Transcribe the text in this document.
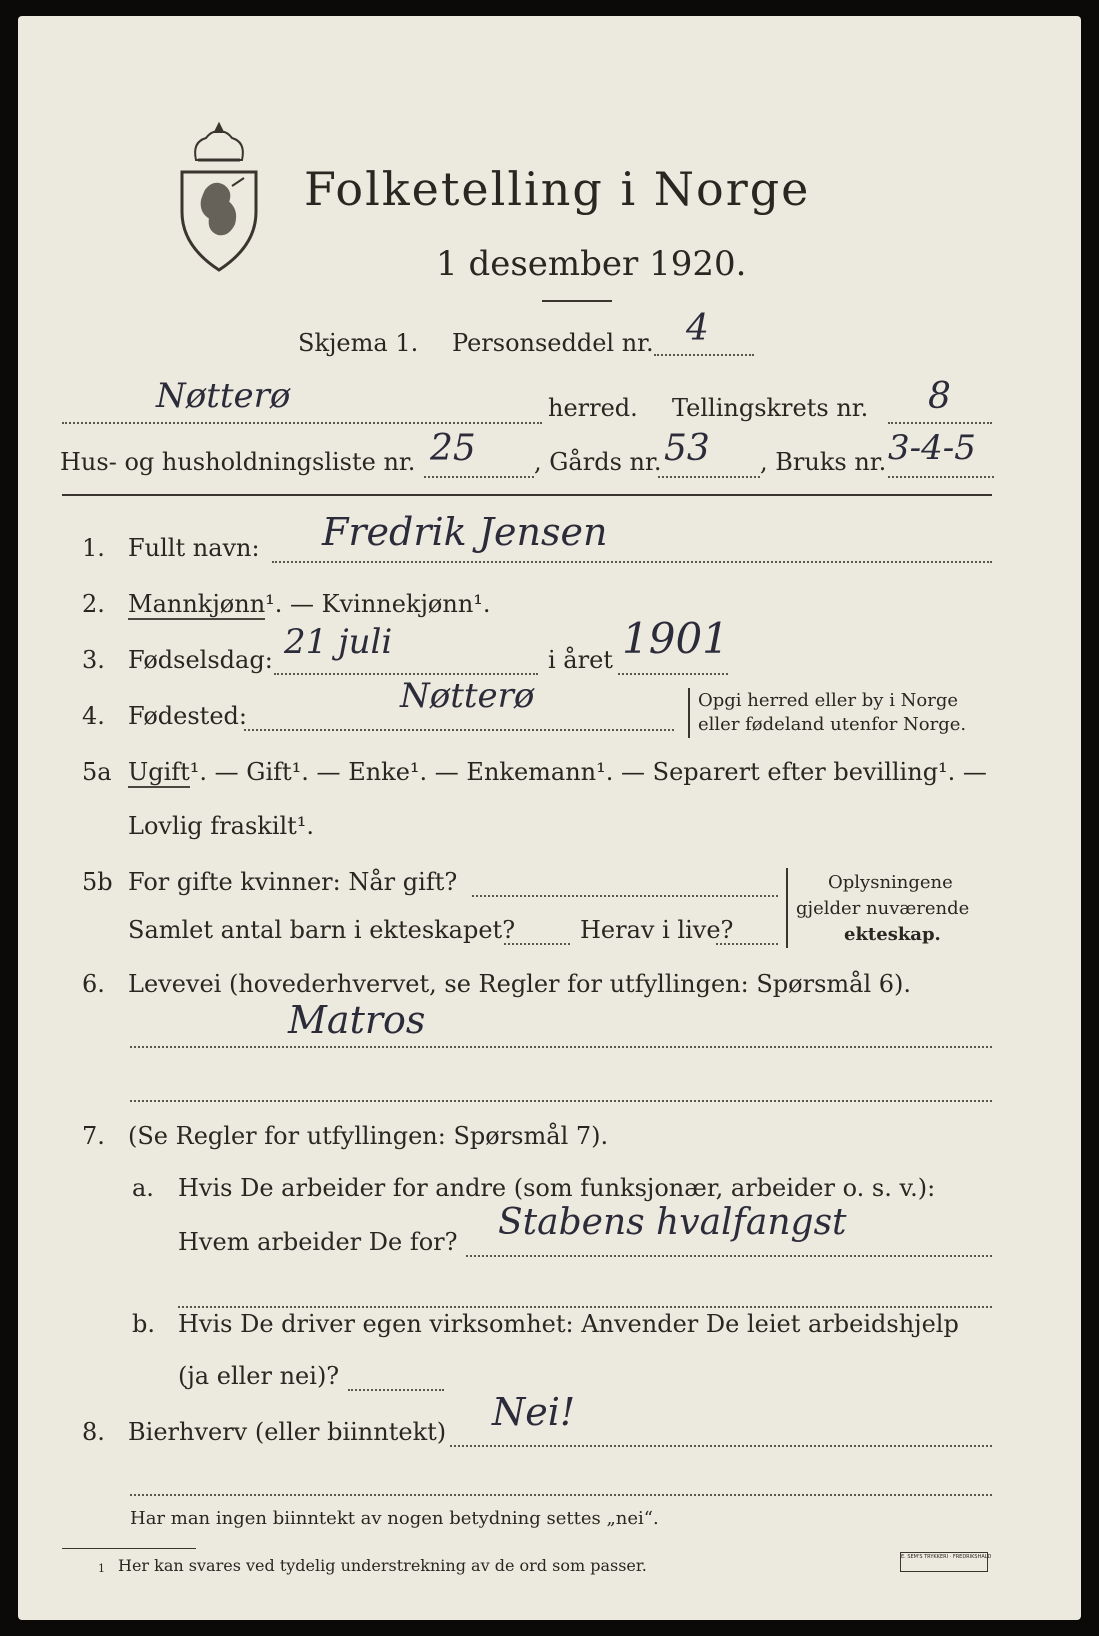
Folketelling i Norge
1 desember 1920.
Skjema 1. Personseddel nr. 4
Nøtterø	herred. Tellingskrets nr. 8
Hus- og husholdningsliste nr. 25 , Gårds nr. 53 , Bruks nr. 3-4-5
1. Fullt navn: Fredrik Jensen
2. Mannkjønn¹. — Kvinnekjønn¹.
3. Fødselsdag: 21 juli	i året 1901
4. Fødested:	Nøtterø	Opgi herred eller by i Norge
eller fødeland utenfor Norge.
5a Ugift¹. — Gift¹. — Enke¹. — Enkemann¹. — Separert efter bevilling¹. —
Lovlig fraskilt¹.
5b For gifte kvinner: Når gift?
Samlet antal barn i ekteskapet?	Herav i live?
Oplysningene
gjelder nuværende
ekteskap.
6. Levevei (hovederhvervet, se Regler for utfyllingen: Spørsmål 6).
Matros
7. (Se Regler for utfyllingen: Spørsmål 7).
a. Hvis De arbeider for andre (som funksjonær, arbeider o. s. v.):
Hvem arbeider De for? Stabens hvalfangst
b. Hvis De driver egen virksomhet: Anvender De leiet arbeidshjelp
(ja eller nei)?
8. Bierhverv (eller biinntekt) Nei!
Har man ingen biinntekt av nogen betydning settes „nei“.
1 Her kan svares ved tydelig understrekning av de ord som passer.	E. SEM'S TRYKKERI · FREDRIKSHALD
